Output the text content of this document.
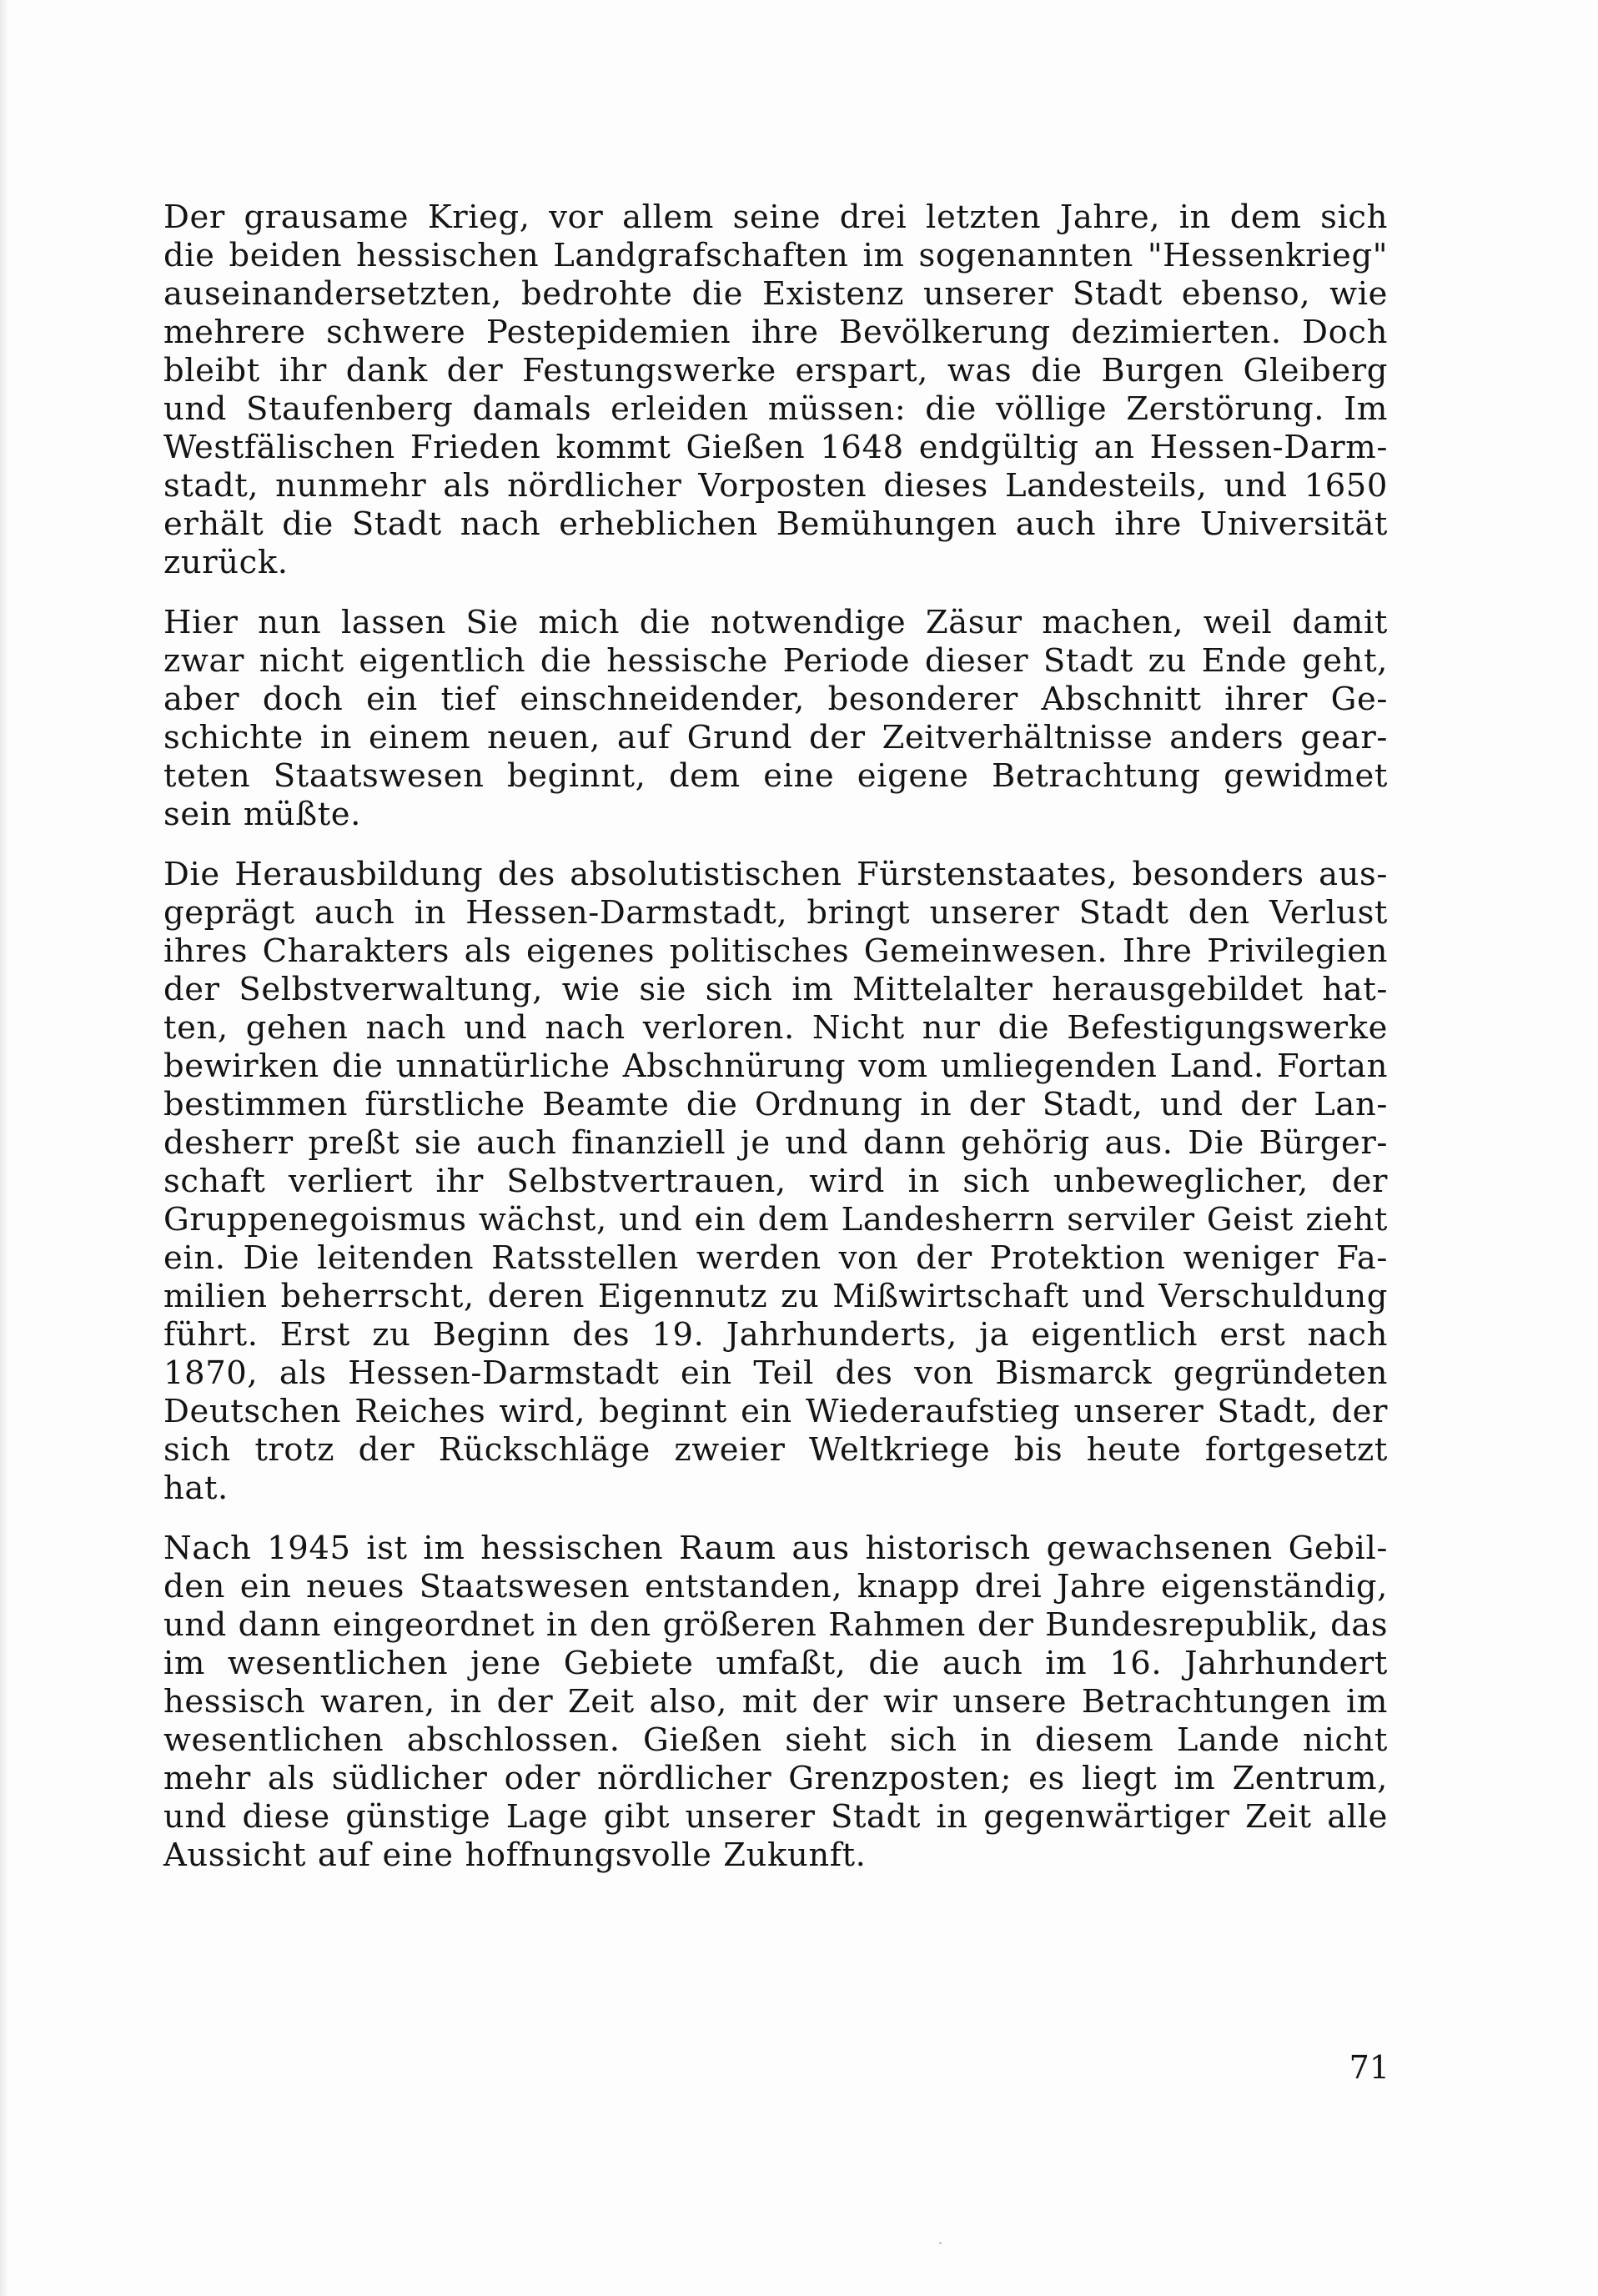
Der grausame Krieg, vor allem seine drei letzten Jahre, in dem sich
die beiden hessischen Landgrafschaften im sogenannten "Hessenkrieg"
auseinandersetzten, bedrohte die Existenz unserer Stadt ebenso, wie
mehrere schwere Pestepidemien ihre Bevölkerung dezimierten. Doch
bleibt ihr dank der Festungswerke erspart, was die Burgen Gleiberg
und Staufenberg damals erleiden müssen: die völlige Zerstörung. Im
Westfälischen Frieden kommt Gießen 1648 endgültig an Hessen-Darm-
stadt, nunmehr als nördlicher Vorposten dieses Landesteils, und 1650
erhält die Stadt nach erheblichen Bemühungen auch ihre Universität
zurück.
Hier nun lassen Sie mich die notwendige Zäsur machen, weil damit
zwar nicht eigentlich die hessische Periode dieser Stadt zu Ende geht,
aber doch ein tief einschneidender, besonderer Abschnitt ihrer Ge-
schichte in einem neuen, auf Grund der Zeitverhältnisse anders gear-
teten Staatswesen beginnt, dem eine eigene Betrachtung gewidmet
sein müßte.
Die Herausbildung des absolutistischen Fürstenstaates, besonders aus-
geprägt auch in Hessen-Darmstadt, bringt unserer Stadt den Verlust
ihres Charakters als eigenes politisches Gemeinwesen. Ihre Privilegien
der Selbstverwaltung, wie sie sich im Mittelalter herausgebildet hat-
ten, gehen nach und nach verloren. Nicht nur die Befestigungswerke
bewirken die unnatürliche Abschnürung vom umliegenden Land. Fortan
bestimmen fürstliche Beamte die Ordnung in der Stadt, und der Lan-
desherr preßt sie auch finanziell je und dann gehörig aus. Die Bürger-
schaft verliert ihr Selbstvertrauen, wird in sich unbeweglicher, der
Gruppenegoismus wächst, und ein dem Landesherrn serviler Geist zieht
ein. Die leitenden Ratsstellen werden von der Protektion weniger Fa-
milien beherrscht, deren Eigennutz zu Mißwirtschaft und Verschuldung
führt. Erst zu Beginn des 19. Jahrhunderts, ja eigentlich erst nach
1870, als Hessen-Darmstadt ein Teil des von Bismarck gegründeten
Deutschen Reiches wird, beginnt ein Wiederaufstieg unserer Stadt, der
sich trotz der Rückschläge zweier Weltkriege bis heute fortgesetzt
hat.
Nach 1945 ist im hessischen Raum aus historisch gewachsenen Gebil-
den ein neues Staatswesen entstanden, knapp drei Jahre eigenständig,
und dann eingeordnet in den größeren Rahmen der Bundesrepublik, das
im wesentlichen jene Gebiete umfaßt, die auch im 16. Jahrhundert
hessisch waren, in der Zeit also, mit der wir unsere Betrachtungen im
wesentlichen abschlossen. Gießen sieht sich in diesem Lande nicht
mehr als südlicher oder nördlicher Grenzposten; es liegt im Zentrum,
und diese günstige Lage gibt unserer Stadt in gegenwärtiger Zeit alle
Aussicht auf eine hoffnungsvolle Zukunft.
71
